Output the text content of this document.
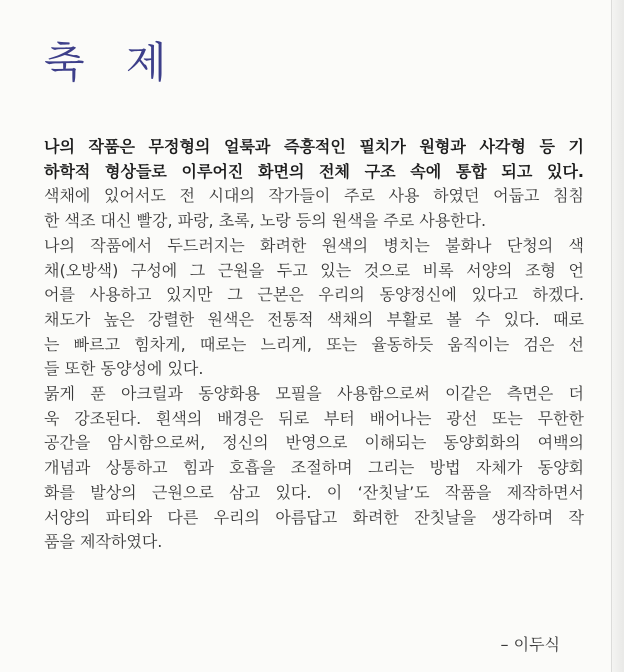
축 제
나의 작품은 무정형의 얼룩과 즉흥적인 필치가 원형과 사각형 등 기
하학적 형상들로 이루어진 화면의 전체 구조 속에 통합 되고 있다.
색채에 있어서도 전 시대의 작가들이 주로 사용 하였던 어둡고 침침
한 색조 대신 빨강, 파랑, 초록, 노랑 등의 원색을 주로 사용한다.
나의 작품에서 두드러지는 화려한 원색의 병치는 불화나 단청의 색
채(오방색) 구성에 그 근원을 두고 있는 것으로 비록 서양의 조형 언
어를 사용하고 있지만 그 근본은 우리의 동양정신에 있다고 하겠다.
채도가 높은 강렬한 원색은 전통적 색채의 부활로 볼 수 있다. 때로
는 빠르고 힘차게, 때로는 느리게, 또는 율동하듯 움직이는 검은 선
들 또한 동양성에 있다.
묽게 푼 아크릴과 동양화용 모필을 사용함으로써 이같은 측면은 더
욱 강조된다. 흰색의 배경은 뒤로 부터 배어나는 광선 또는 무한한
공간을 암시함으로써, 정신의 반영으로 이해되는 동양회화의 여백의
개념과 상통하고 힘과 호흡을 조절하며 그리는 방법 자체가 동양회
화를 발상의 근원으로 삼고 있다. 이 ‘잔칫날’도 작품을 제작하면서
서양의 파티와 다른 우리의 아름답고 화려한 잔칫날을 생각하며 작
품을 제작하였다.
– 이두식
